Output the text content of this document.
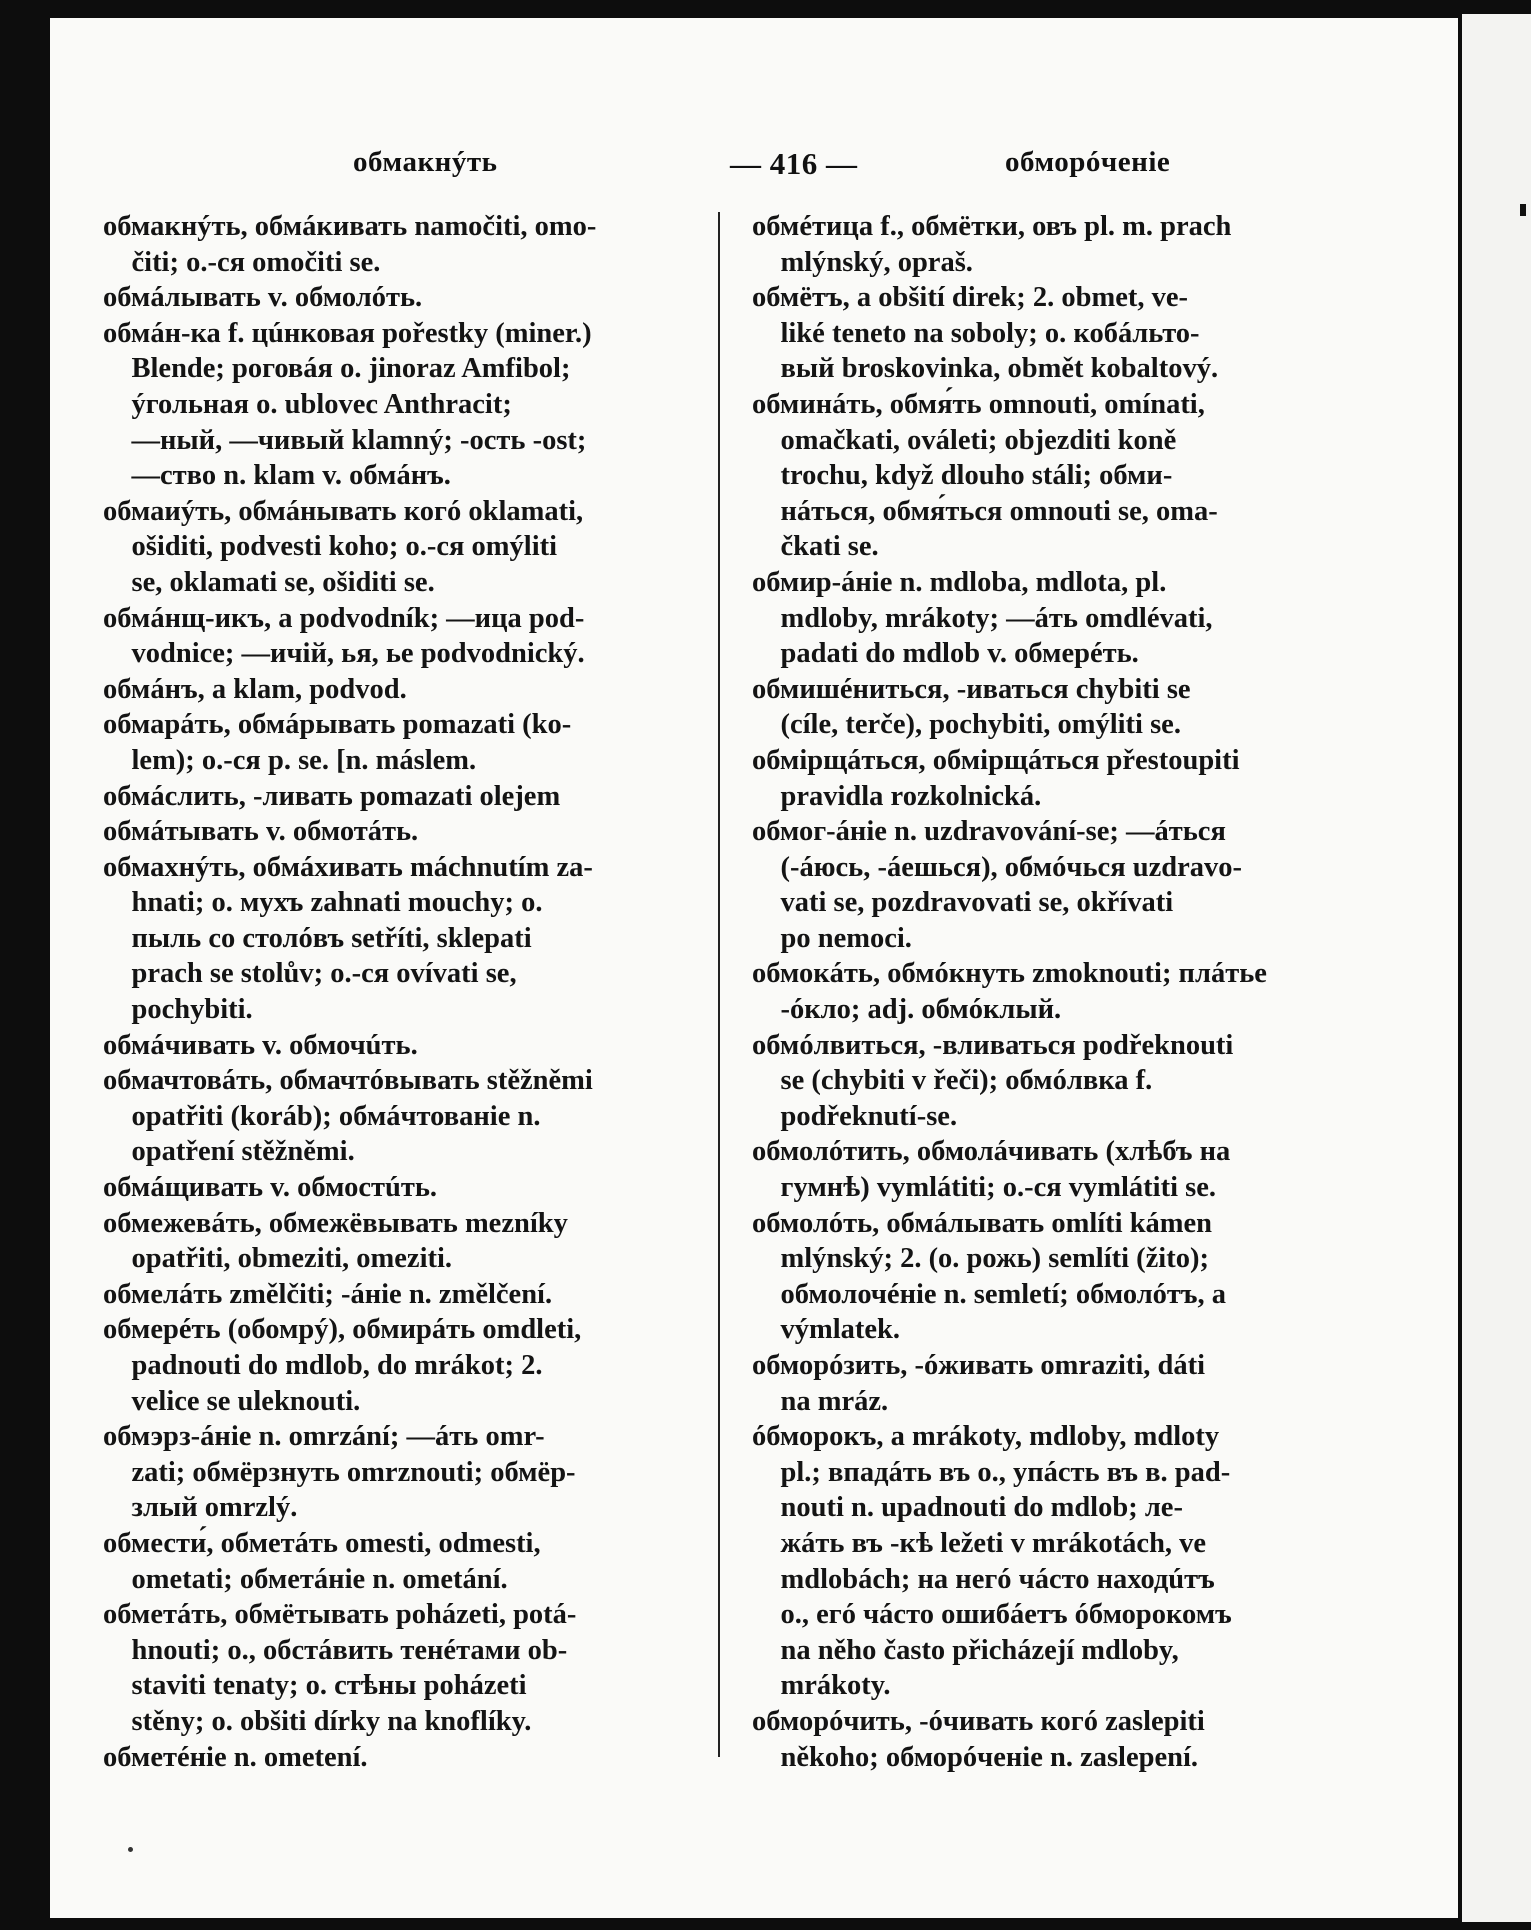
обмакнýть	— 416 —	обморóченіе
обмакнýть, обмáкивать namočiti, omo-
 čiti; o.-ся omočiti se.
обмáлывать v. обмолóть.
обмáн-ка f. цúнковая pořestky (miner.)
 Blende; роговáя o. jinoraz Amfibol;
 ýгольная o. ublovec Anthracit;
 —ный, —чивый klamný; -ость -ost;
 —ство n. klam v. обмáнъ.
обмаиýть, обмáнывать когó oklamati,
 ošiditi, podvesti koho; o.-ся omýliti
 se, oklamati se, ošiditi se.
обмáнщ-икъ, a podvodník; —ица pod-
 vodnice; —ичій, ья, ье podvodnický.
обмáнъ, a klam, podvod.
обмарáть, обмáрывать pomazati (ko-
 lem); o.-ся p. se. [n. máslem.
обмáслить, -ливать pomazati olejem
обмáтывать v. обмотáть.
обмахнýть, обмáхивать máchnutím za-
 hnati; o. мухъ zahnati mouchy; o.
 пыль со столóвъ setříti, sklepati
 prach se stolův; o.-ся ovívati se,
 pochybiti.
обмáчивать v. обмочúть.
обмачтовáть, обмачтóвывать stěžněmi
 opatřiti (koráb); обмáчтованіе n.
 opatření stěžněmi.
обмáщивать v. обмостúть.
обмежевáть, обмежёвывать mezníky
 opatřiti, obmeziti, omeziti.
обмелáть změlčiti; -áніе n. změlčení.
обмерéть (обомрý), обмирáть omdleti,
 padnouti do mdlob, do mrákot; 2.
 velice se uleknouti.
обмэрз-áніе n. omrzání; —áть omr-
 zati; обмёрзнуть omrznouti; обмёр-
 злый omrzlý.
обмести́, обметáть omesti, odmesti,
 ometati; обметáніе n. ometání.
обметáть, обмётывать poházeti, potá-
 hnouti; o., обстáвить тенéтами ob-
 staviti tenaty; o. стѣны poházeti
 stěny; o. obšiti dírky na knoflíky.
обметéніе n. ometení.
обмéтица f., обмётки, овъ pl. m. prach
 mlýnský, opraš.
обмётъ, a obšití direk; 2. obmet, ve-
 liké teneto na soboly; o. кобáльто-
 вый broskovinka, obmět kobaltový.
обминáть, обмя́ть omnouti, omínati,
 omačkati, oválеti; objezditi koně
 trochu, když dlouho stáli; обми-
 нáться, обмя́ться omnouti se, oma-
 čkati se.
обмир-áніе n. mdloba, mdlota, pl.
 mdloby, mrákoty; —áть omdlévati,
 padati do mdlob v. обмерéть.
обмишéниться, -иваться chybiti se
 (cíle, terče), pochybiti, omýliti se.
обмiрщáться, обмiрщáться přestoupiti
 pravidla rozkolnická.
обмог-áніе n. uzdravování-se; —áться
 (-áюсь, -áешься), обмóчься uzdravo-
 vati se, pozdravovati se, okřívati
 po nemoci.
обмокáть, обмóкнуть zmoknouti; плáтье
 -óкло; adj. обмóклый.
обмóлвиться, -вливаться podřeknouti
 se (chybiti v řeči); обмóлвка f.
 podřeknutí-se.
обмолóтить, обмолáчивать (хлѣбъ на
 гумнѣ) vymlátiti; o.-ся vymlátiti se.
обмолóть, обмáлывать omlíti kámen
 mlýnský; 2. (o. рожь) semlíti (žito);
 обмолочéніе n. semletí; обмолóтъ, a
 výmlatek.
обморóзить, -óживать omraziti, dáti
 na mráz.
óбморокъ, a mrákoty, mdloby, mdloty
 pl.; впадáть въ o., упáсть въ в. pad-
 nouti n. upadnouti do mdlob; ле-
 жáть въ -кѣ ležeti v mrákotách, ve
 mdlobách; на негó чáсто находúтъ
 o., егó чáсто ошибáетъ óбморокомъ
 na něho často přicházejí mdloby,
 mrákoty.
обморóчить, -óчивать когó zaslepiti
 někoho; обморóченіе n. zaslepení.
